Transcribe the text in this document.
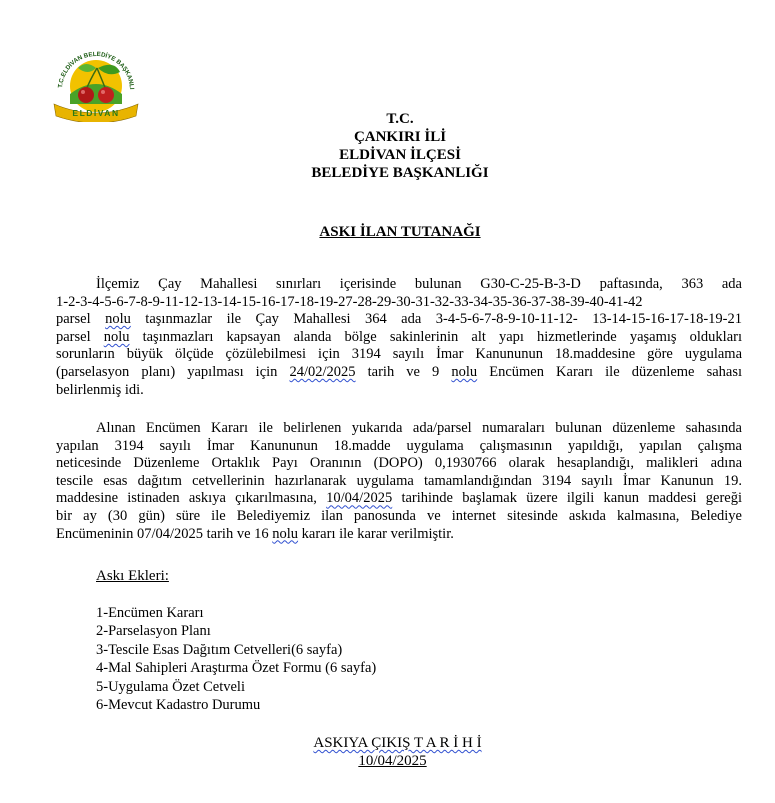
T.C.ELDİVAN BELEDİYE BAŞKANLI
ELDİVAN	T.C.
ÇANKIRI İLİ
ELDİVAN İLÇESİ
BELEDİYE BAŞKANLIĞI
ASKI İLAN TUTANAĞI
İlçemiz Çay Mahallesi sınırları içerisinde bulunan G30-C-25-B-3-D paftasında, 363 ada
1-2-3-4-5-6-7-8-9-11-12-13-14-15-16-17-18-19-27-28-29-30-31-32-33-34-35-36-37-38-39-40-41-42
parsel nolu taşınmazlar ile Çay Mahallesi 364 ada 3-4-5-6-7-8-9-10-11-12- 13-14-15-16-17-18-19-21
parsel nolu taşınmazları kapsayan alanda bölge sakinlerinin alt yapı hizmetlerinde yaşamış oldukları
sorunların büyük ölçüde çözülebilmesi için 3194 sayılı İmar Kanununun 18.maddesine göre uygulama
(parselasyon planı) yapılması için 24/02/2025 tarih ve 9 nolu Encümen Kararı ile düzenleme sahası
belirlenmiş idi.
Alınan Encümen Kararı ile belirlenen yukarıda ada/parsel numaraları bulunan düzenleme sahasında
yapılan 3194 sayılı İmar Kanununun 18.madde uygulama çalışmasının yapıldığı, yapılan çalışma
neticesinde Düzenleme Ortaklık Payı Oranının (DOPO) 0,1930766 olarak hesaplandığı, malikleri adına
tescile esas dağıtım cetvellerinin hazırlanarak uygulama tamamlandığından 3194 sayılı İmar Kanunun 19.
maddesine istinaden askıya çıkarılmasına, 10/04/2025 tarihinde başlamak üzere ilgili kanun maddesi gereği
bir ay (30 gün) süre ile Belediyemiz ilan panosunda ve internet sitesinde askıda kalmasına, Belediye
Encümeninin 07/04/2025 tarih ve 16 nolu kararı ile karar verilmiştir.
Askı Ekleri:
1-Encümen Kararı
2-Parselasyon Planı
3-Tescile Esas Dağıtım Cetvelleri(6 sayfa)
4-Mal Sahipleri Araştırma Özet Formu (6 sayfa)
5-Uygulama Özet Cetveli
6-Mevcut Kadastro Durumu
ASKIYA ÇIKIŞ T A R İ H İ
10/04/2025
